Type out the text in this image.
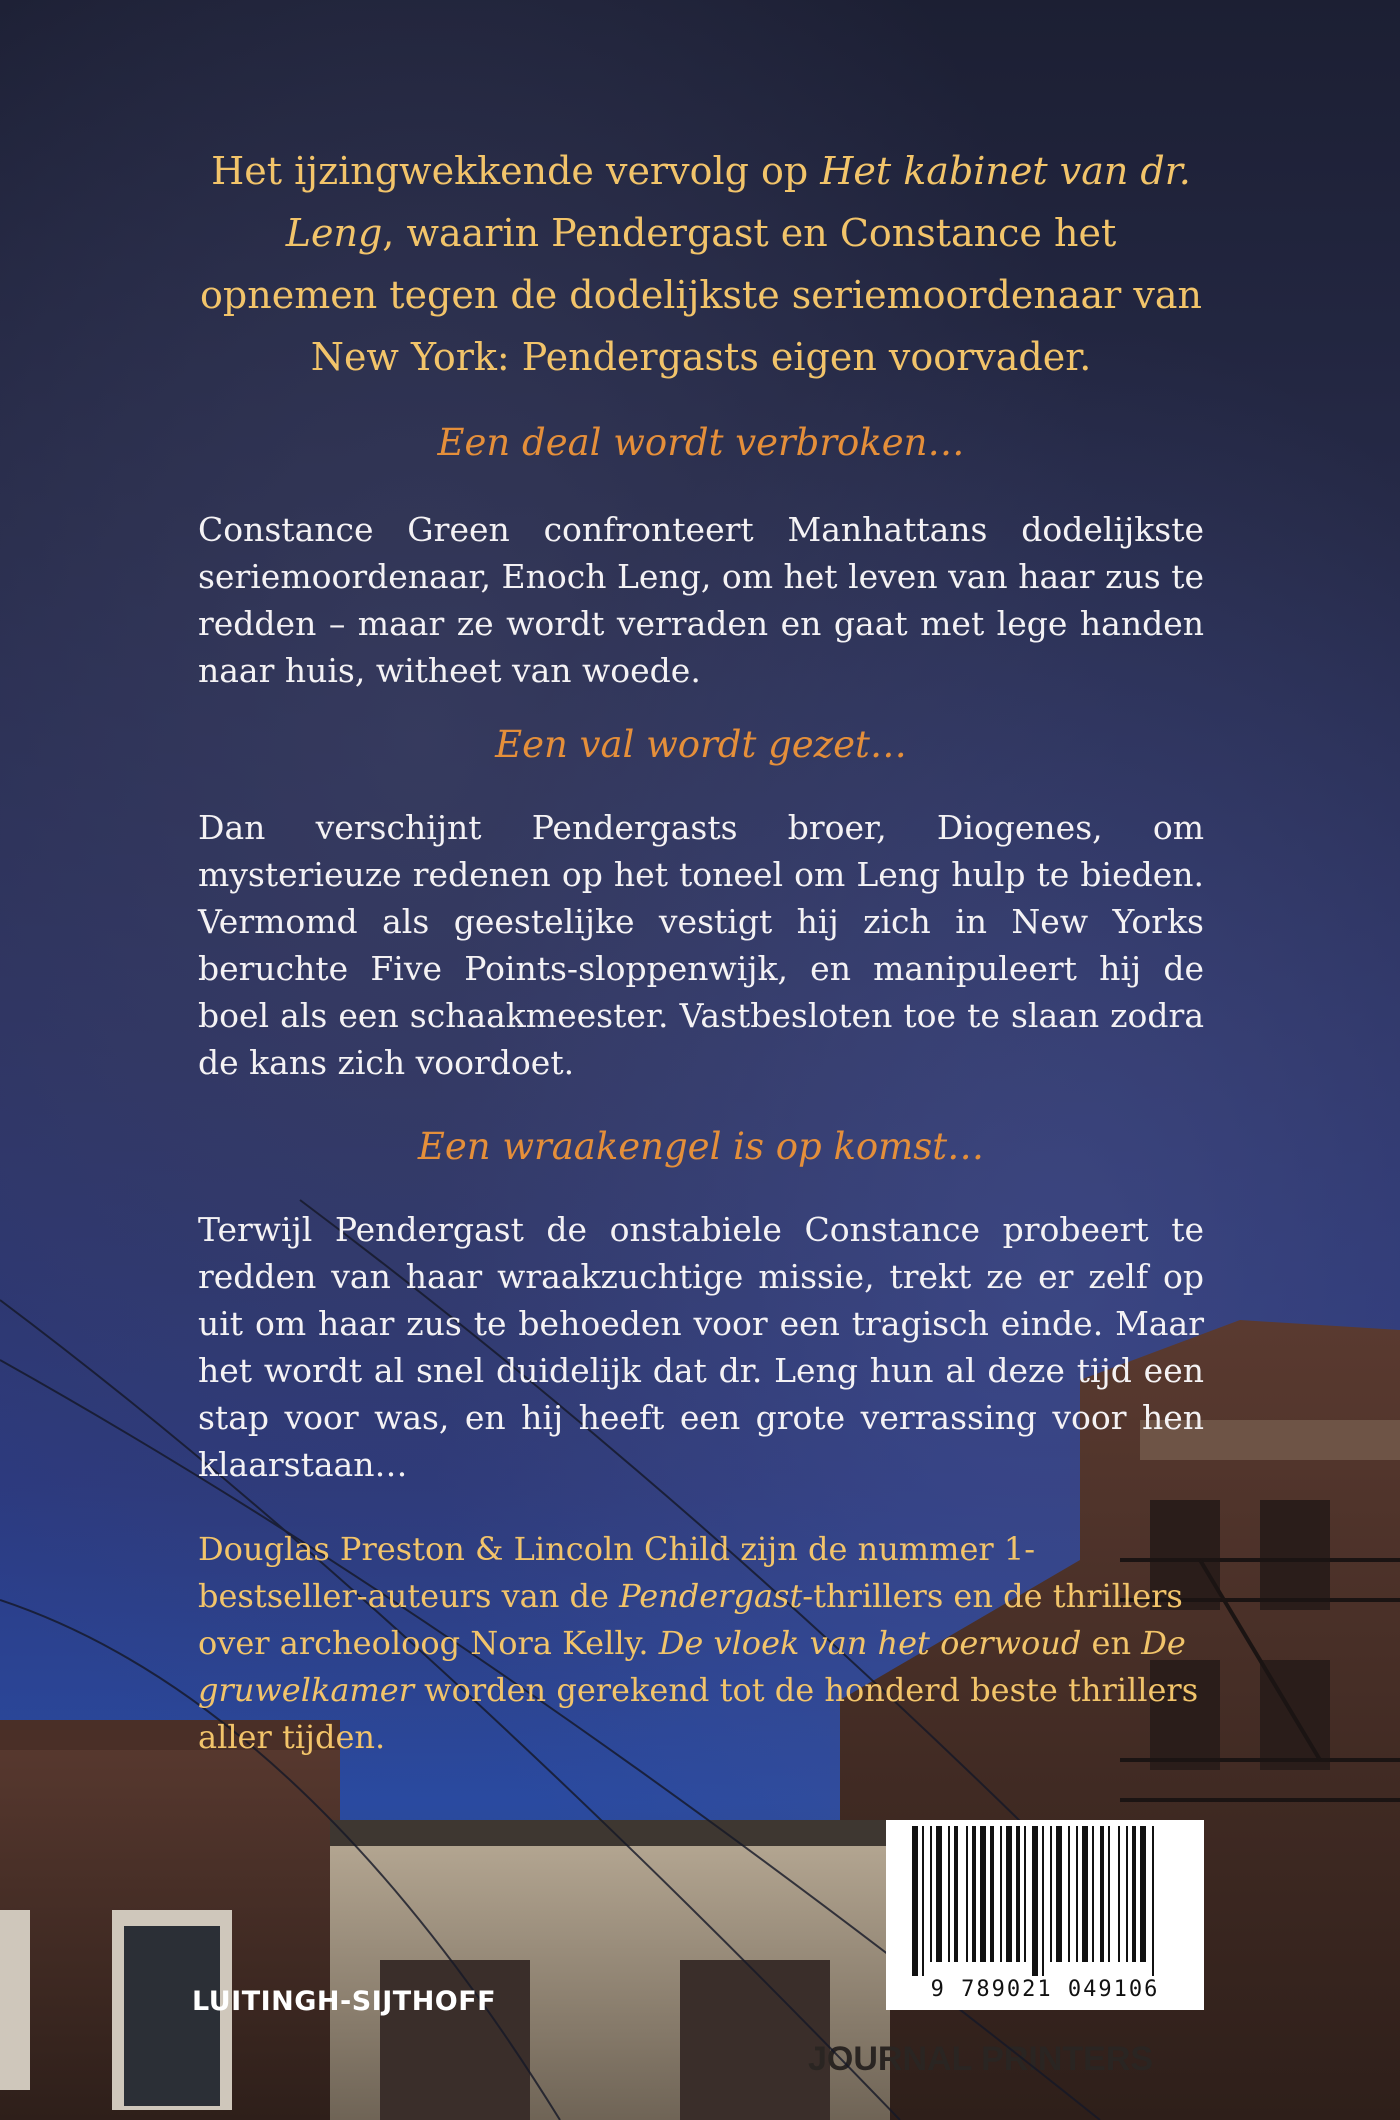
JOURNAL PRINTERS

Het ijzingwekkende vervolg op Het kabinet van dr. Leng, waarin Pendergast en Constance het opnemen tegen de dodelijkste seriemoordenaar van New York: Pendergasts eigen voorvader.

Een deal wordt verbroken…

Constance Green confronteert Manhattans dodelijkste seriemoordenaar, Enoch Leng, om het leven van haar zus te redden – maar ze wordt verraden en gaat met lege handen naar huis, witheet van woede.

Een val wordt gezet…

Dan verschijnt Pendergasts broer, Diogenes, om mysterieuze redenen op het toneel om Leng hulp te bieden. Vermomd als geestelijke vestigt hij zich in New Yorks beruchte Five Points-sloppenwijk, en manipuleert hij de boel als een schaakmeester. Vastbesloten toe te slaan zodra de kans zich voordoet.

Een wraakengel is op komst…

Terwijl Pendergast de onstabiele Constance probeert te redden van haar wraakzuchtige missie, trekt ze er zelf op uit om haar zus te behoeden voor een tragisch einde. Maar het wordt al snel duidelijk dat dr. Leng hun al deze tijd een stap voor was, en hij heeft een grote verrassing voor hen klaarstaan…

Douglas Preston & Lincoln Child zijn de nummer 1-bestseller-auteurs van de Pendergast-thrillers en de thrillers over archeoloog Nora Kelly. De vloek van het oerwoud en De gruwelkamer worden gerekend tot de honderd beste thrillers aller tijden.

LUITINGH-SIJTHOFF	9 789021 049106
